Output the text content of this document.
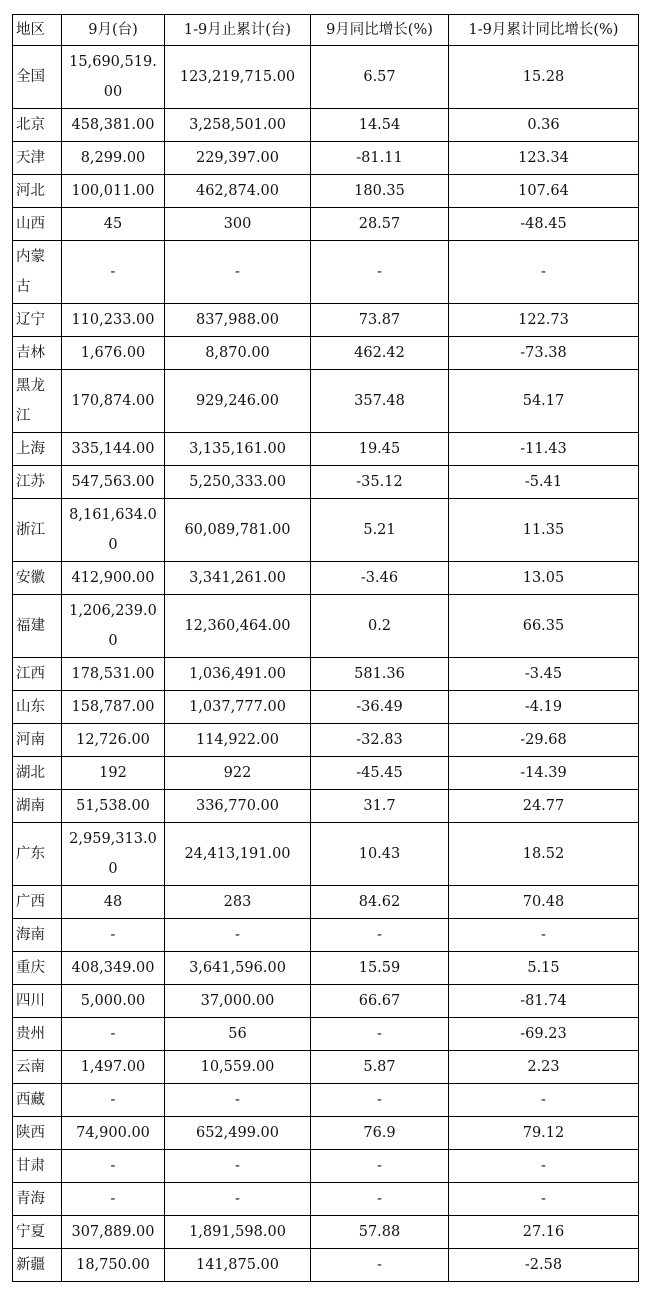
地区	9月(台)	1-9月止累计(台)	9月同比增长(%)	1-9月累计同比增长(%)
全国	15,690,519.00	123,219,715.00	6.57	15.28
北京	458,381.00	3,258,501.00	14.54	0.36
天津	8,299.00	229,397.00	-81.11	123.34
河北	100,011.00	462,874.00	180.35	107.64
山西	45	300	28.57	-48.45
内蒙古	-	-	-	-
辽宁	110,233.00	837,988.00	73.87	122.73
吉林	1,676.00	8,870.00	462.42	-73.38
黑龙江	170,874.00	929,246.00	357.48	54.17
上海	335,144.00	3,135,161.00	19.45	-11.43
江苏	547,563.00	5,250,333.00	-35.12	-5.41
浙江	8,161,634.00	60,089,781.00	5.21	11.35
安徽	412,900.00	3,341,261.00	-3.46	13.05
福建	1,206,239.00	12,360,464.00	0.2	66.35
江西	178,531.00	1,036,491.00	581.36	-3.45
山东	158,787.00	1,037,777.00	-36.49	-4.19
河南	12,726.00	114,922.00	-32.83	-29.68
湖北	192	922	-45.45	-14.39
湖南	51,538.00	336,770.00	31.7	24.77
广东	2,959,313.00	24,413,191.00	10.43	18.52
广西	48	283	84.62	70.48
海南	-	-	-	-
重庆	408,349.00	3,641,596.00	15.59	5.15
四川	5,000.00	37,000.00	66.67	-81.74
贵州	-	56	-	-69.23
云南	1,497.00	10,559.00	5.87	2.23
西藏	-	-	-	-
陕西	74,900.00	652,499.00	76.9	79.12
甘肃	-	-	-	-
青海	-	-	-	-
宁夏	307,889.00	1,891,598.00	57.88	27.16
新疆	18,750.00	141,875.00	-	-2.58
